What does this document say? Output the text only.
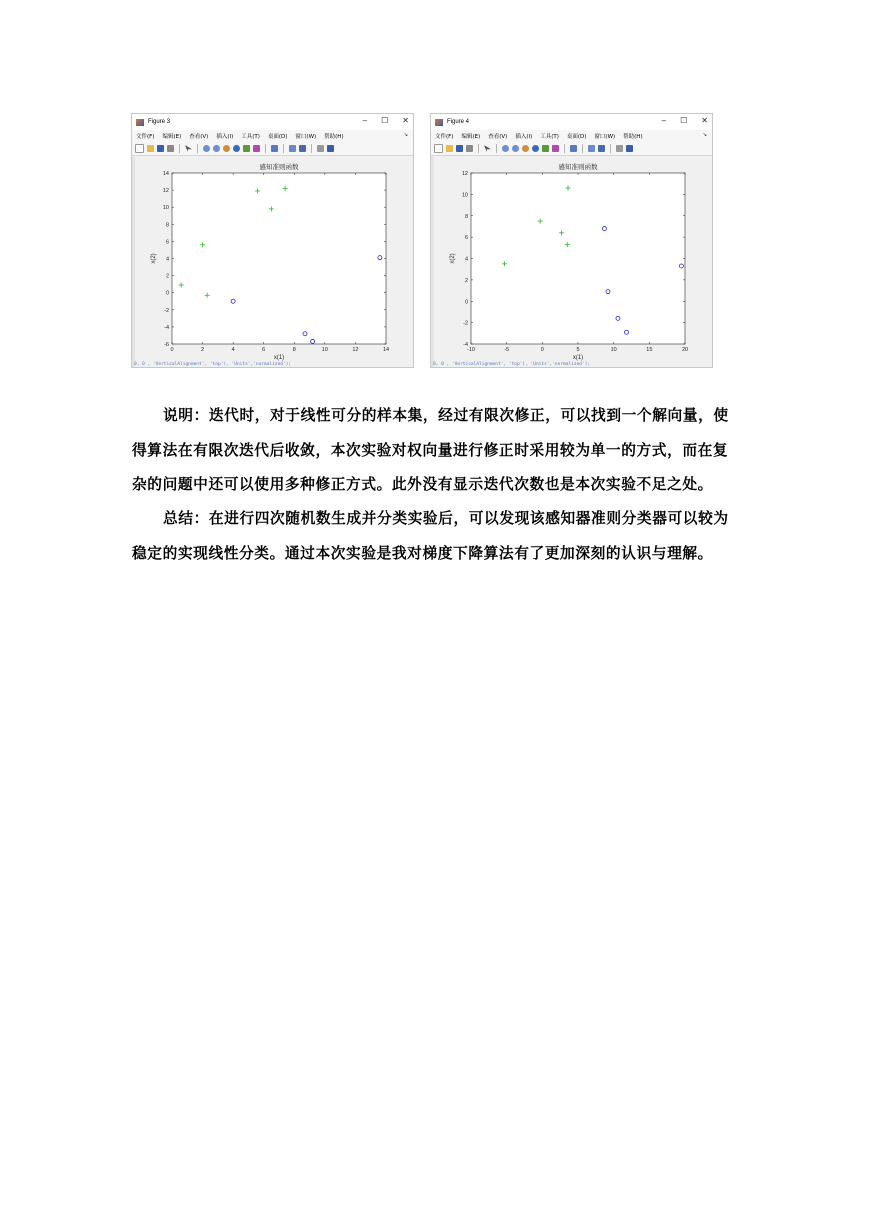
Figure 3	– ☐ ✕
文件(F) 编辑(E) 查看(V) 插入(I) 工具(T) 桌面(D) 窗口(W) 帮助(H)	↘
感知准则函数
0	2	4	6	8	10	12	14
-6
-4
-2
0
2
4
6
8
10
12
14
x(1)
x(2)
0, 0 , 'VerticalAlignment', 'top'), 'Units','normalized');
Figure 4	– ☐ ✕
文件(F) 编辑(E) 查看(V) 插入(I) 工具(T) 桌面(D) 窗口(W) 帮助(H)	↘
感知准则函数
-10	-5	0	5	10	15	20
-4
-2
0
2
4
6
8
10
12
x(1)
x(2)
0, 0 , 'VerticalAlignment', 'top'), 'Units','normalized');

说明：迭代时，对于线性可分的样本集，经过有限次修正，可以找到一个解向量，使得算法在有限次迭代后收敛，本次实验对权向量进行修正时采用较为单一的方式，而在复杂的问题中还可以使用多种修正方式。此外没有显示迭代次数也是本次实验不足之处。

总结：在进行四次随机数生成并分类实验后，可以发现该感知器准则分类器可以较为稳定的实现线性分类。通过本次实验是我对梯度下降算法有了更加深刻的认识与理解。
